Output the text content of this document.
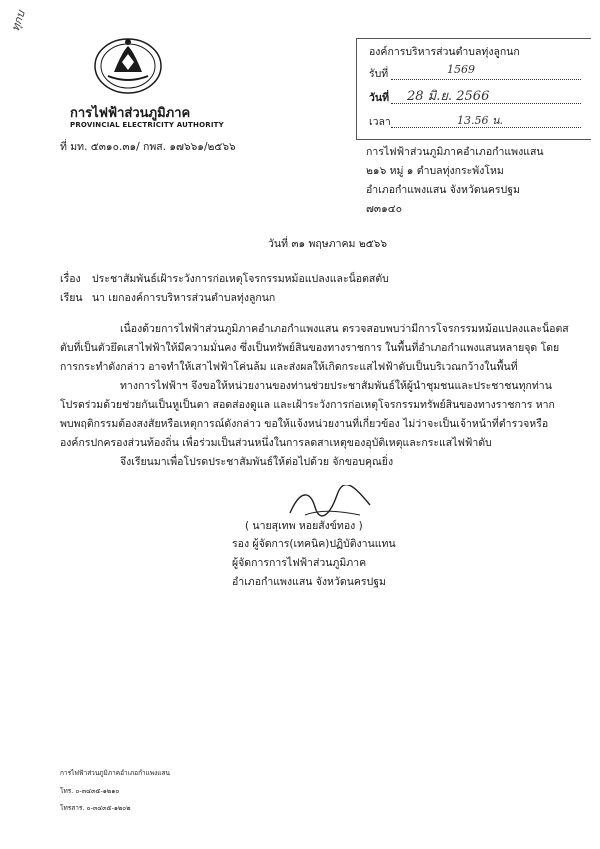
ทุกบ
การไฟฟ้าส่วนภูมิภาค
PROVINCIAL ELECTRICITY AUTHORITY
ที่ มท. ๕๓๑๐.๓๑/ กพส. ๑๗๖๖๑/๒๕๖๖
องค์การบริหารส่วนตำบลทุ่งลูกนก
รับที่	1569
วันที่ 28 มิ.ย. 2566
เวลา	13.56 น.
การไฟฟ้าส่วนภูมิภาคอำเภอกำแพงแสน
๒๑๖ หมู่ ๑ ตำบลทุ่งกระพังโหม
อำเภอกำแพงแสน จังหวัดนครปฐม
๗๓๑๔๐
วันที่ ๓๑ พฤษภาคม ๒๕๖๖
เรื่อง ประชาสัมพันธ์เฝ้าระวังการก่อเหตุโจรกรรมหม้อแปลงและน็อตสตับ
เรียน นา เยกองค์การบริหารส่วนตำบลทุ่งลูกนก
เนื่องด้วยการไฟฟ้าส่วนภูมิภาคอำเภอกำแพงแสน ตรวจสอบพบว่ามีการโจรกรรมหม้อแปลงและน็อตส
ตับที่เป็นตัวยึดเสาไฟฟ้าให้มีความมั่นคง ซึ่งเป็นทรัพย์สินของทางราชการ ในพื้นที่อำเภอกำแพงแสนหลายจุด โดย
การกระทำดังกล่าว อาจทำให้เสาไฟฟ้าโค่นล้ม และส่งผลให้เกิดกระแสไฟฟ้าดับเป็นบริเวณกว้างในพื้นที่
ทางการไฟฟ้าฯ จึงขอให้หน่วยงานของท่านช่วยประชาสัมพันธ์ให้ผู้นำชุมชนและประชาชนทุกท่าน
โปรดร่วมด้วยช่วยกันเป็นหูเป็นตา สอดส่องดูแล และเฝ้าระวังการก่อเหตุโจรกรรมทรัพย์สินของทางราชการ หาก
พบพฤติกรรมต้องสงสัยหรือเหตุการณ์ดังกล่าว ขอให้แจ้งหน่วยงานที่เกี่ยวข้อง ไม่ว่าจะเป็นเจ้าหน้าที่ตำรวจหรือ
องค์กรปกครองส่วนท้องถิ่น เพื่อร่วมเป็นส่วนหนึ่งในการลดสาเหตุของอุบัติเหตุและกระแสไฟฟ้าดับ
จึงเรียนมาเพื่อโปรดประชาสัมพันธ์ให้ต่อไปด้วย จักขอบคุณยิ่ง
( นายสุเทพ หอยสังข์ทอง )
รอง ผู้จัดการ(เทคนิค)ปฏิบัติงานแทน
ผู้จัดการการไฟฟ้าส่วนภูมิภาค
อำเภอกำแพงแสน จังหวัดนครปฐม
การไฟฟ้าส่วนภูมิภาคอำเภอกำแพงแสน
โทร. ๐-๓๔๓๕-๑๒๑๐
โทรสาร. ๐-๓๔๓๕-๑๒๐๒
